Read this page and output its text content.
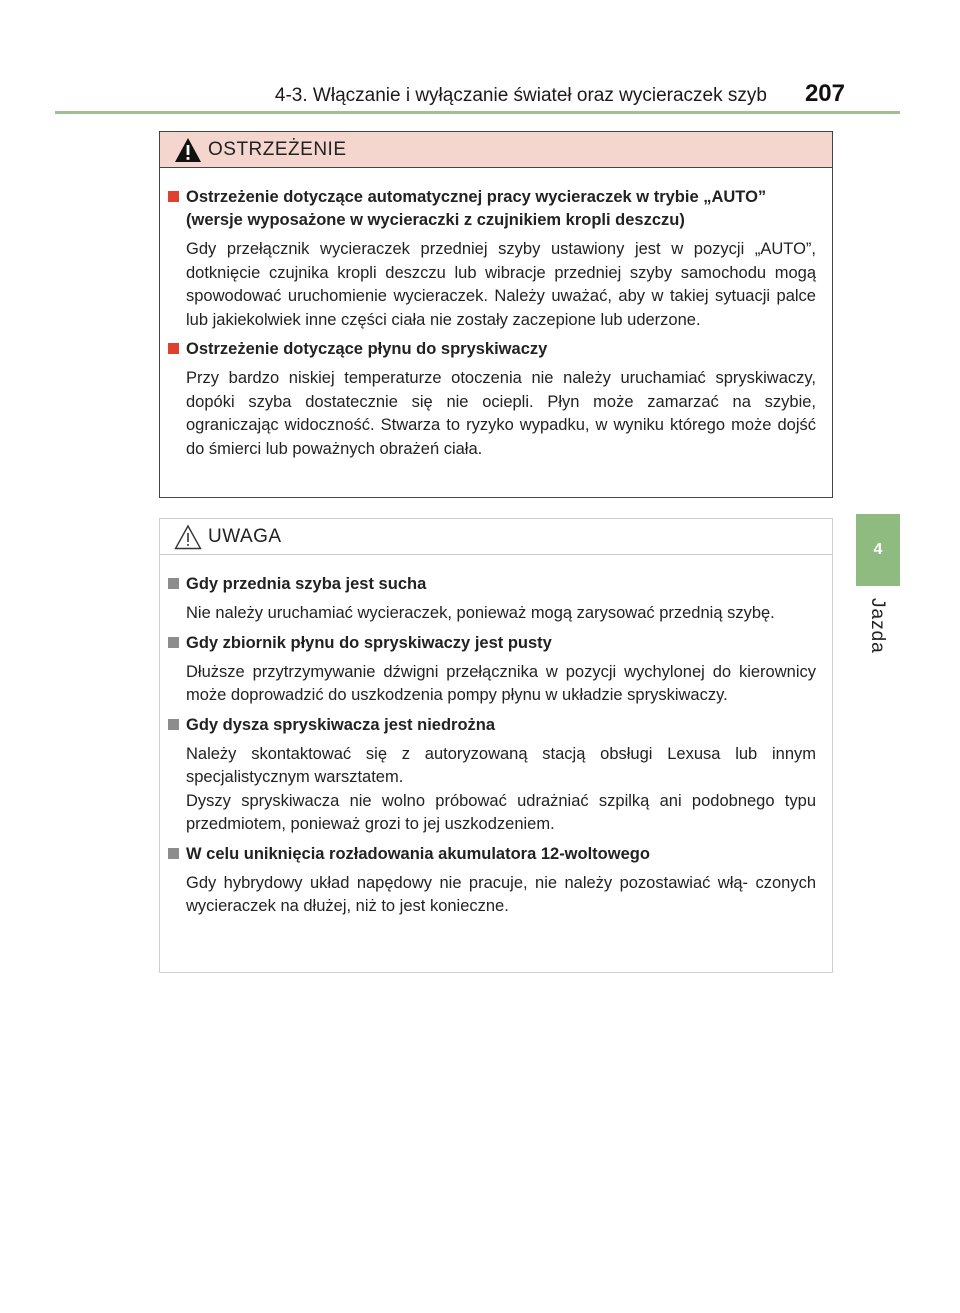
4-3. Włączanie i wyłączanie świateł oraz wycieraczek szyb 207
4
Jazda
OSTRZEŻENIE
Ostrzeżenie dotyczące automatycznej pracy wycieraczek w trybie „AUTO” (wersje wyposażone w wycieraczki z czujnikiem kropli deszczu)

Gdy przełącznik wycieraczek przedniej szyby ustawiony jest w pozycji „AUTO”, dotknięcie czujnika kropli deszczu lub wibracje przedniej szyby samochodu mogą spowodować uruchomienie wycieraczek. Należy uważać, aby w takiej sytuacji palce lub jakiekolwiek inne części ciała nie zostały zaczepione lub uderzone.

Ostrzeżenie dotyczące płynu do spryskiwaczy

Przy bardzo niskiej temperaturze otoczenia nie należy uruchamiać spryskiwaczy, dopóki szyba dostatecznie się nie ociepli. Płyn może zamarzać na szybie, ograniczając widoczność. Stwarza to ryzyko wypadku, w wyniku którego może dojść do śmierci lub poważnych obrażeń ciała.

UWAGA
Gdy przednia szyba jest sucha

Nie należy uruchamiać wycieraczek, ponieważ mogą zarysować przednią szybę.

Gdy zbiornik płynu do spryskiwaczy jest pusty

Dłuższe przytrzymywanie dźwigni przełącznika w pozycji wychylonej do kierownicy może doprowadzić do uszkodzenia pompy płynu w układzie spryskiwaczy.

Gdy dysza spryskiwacza jest niedrożna

Należy skontaktować się z autoryzowaną stacją obsługi Lexusa lub innym specjalistycznym warsztatem.

Dyszy spryskiwacza nie wolno próbować udrażniać szpilką ani podobnego typu przedmiotem, ponieważ grozi to jej uszkodzeniem.

W celu uniknięcia rozładowania akumulatora 12-woltowego

Gdy hybrydowy układ napędowy nie pracuje, nie należy pozostawiać włą- czonych wycieraczek na dłużej, niż to jest konieczne.
